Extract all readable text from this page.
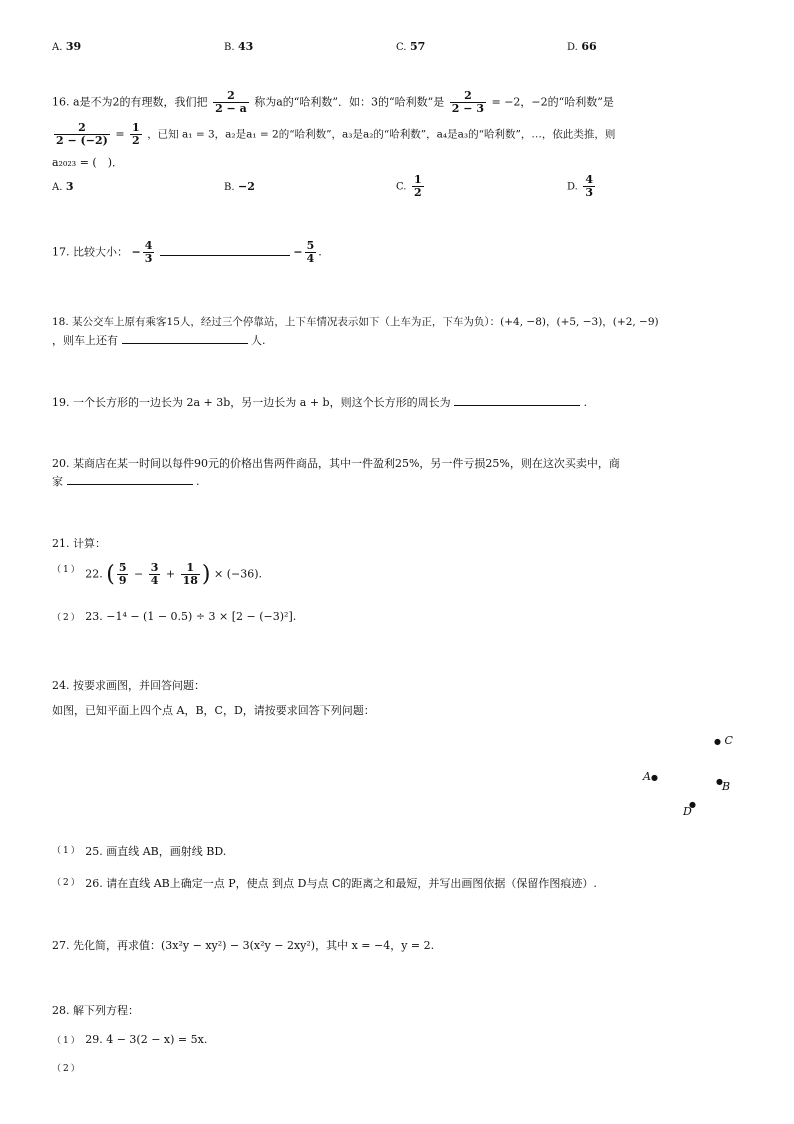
A. 39	B. 43	C. 57	D. 66
16. a是不为2的有理数，我们把 $\frac{2}{2 - a}$ 称为a的“哈利数”．如：3的“哈利数”是 $\frac{2}{2 - 3} = -2$，−2的“哈利数”是
$\frac{2}{2 - (-2)} = \frac{1}{2}$ ，已知 a₁ = 3，a₂是a₁ = 2的“哈利数”，a₃是a₂的“哈利数”，a₄是a₃的“哈利数”，…，依此类推，则
a₂₀₂₃ = (　)．
A. 3	B. −2	C. $\frac{1}{2}$	D. $\frac{4}{3}$
17. 比较大小： − $\frac{4}{3}$	− $\frac{5}{4}$ .
18. 某公交车上原有乘客15人，经过三个停靠站，上下车情况表示如下（上车为正，下车为负）：(+4, −8)，(+5, −3)，(+2, −9)
，则车上还有	人.
19. 一个长方形的一边长为 2a + 3b，另一边长为 a + b，则这个长方形的周长为	.
20. 某商店在某一时间以每件90元的价格出售两件商品，其中一件盈利25%，另一件亏损25%，则在这次买卖中，商
家	.
21. 计算：
$^{(1)}$ 22. ( $\frac{5}{9} - \frac{3}{4} + \frac{1}{18}$ ) × (−36).
$^{(2)}$ 23. −1⁴ − (1 − 0.5) ÷ 3 × [2 − (−3)²].
24. 按要求画图，并回答问题：
如图，已知平面上四个点 A，B，C，D，请按要求回答下列问题：
● C
A●	● B
●
D
$^{(1)}$ 25. 画直线 AB，画射线 BD.
$^{(2)}$ 26. 请在直线 AB上确定一点 P，使点 到点 D与点 C的距离之和最短，并写出画图依据（保留作图痕迹）.
27. 先化简，再求值：(3x²y − xy²) − 3(x²y − 2xy²)，其中 x = −4，y = 2.
28. 解下列方程：
$^{(1)}$ 29. 4 − 3(2 − x) = 5x.
（2）
